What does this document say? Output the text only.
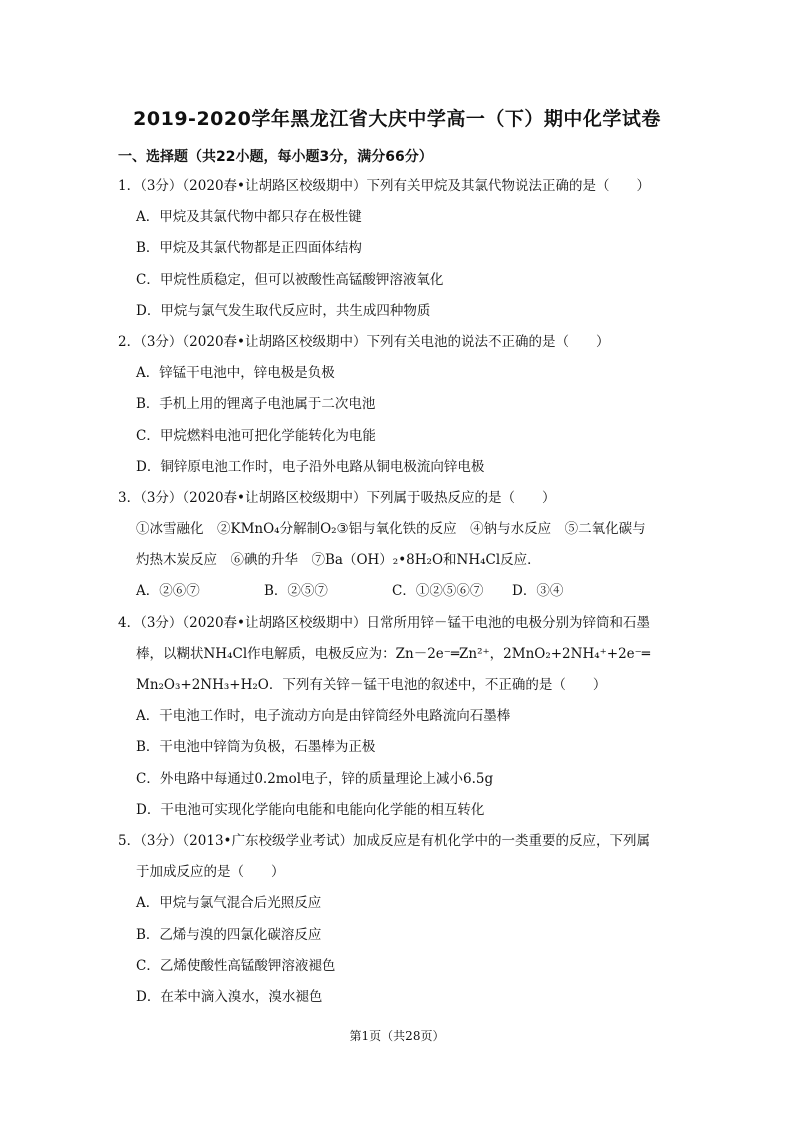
2019-2020学年黑龙江省大庆中学高一（下）期中化学试卷
一、选择题（共22小题，每小题3分，满分66分）
1．（3分）（2020春•让胡路区校级期中）下列有关甲烷及其氯代物说法正确的是（　　）
A．甲烷及其氯代物中都只存在极性键
B．甲烷及其氯代物都是正四面体结构
C．甲烷性质稳定，但可以被酸性高锰酸钾溶液氧化
D．甲烷与氯气发生取代反应时，共生成四种物质
2．（3分）（2020春•让胡路区校级期中）下列有关电池的说法不正确的是（　　）
A．锌锰干电池中，锌电极是负极
B．手机上用的锂离子电池属于二次电池
C．甲烷燃料电池可把化学能转化为电能
D．铜锌原电池工作时，电子沿外电路从铜电极流向锌电极
3．（3分）（2020春•让胡路区校级期中）下列属于吸热反应的是（　　）
①冰雪融化　②KMnO₄分解制O₂③铝与氧化铁的反应　④钠与水反应　⑤二氧化碳与
灼热木炭反应　⑥碘的升华　⑦Ba（OH）₂•8H₂O和NH₄Cl反应．
A．②⑥⑦	B．②⑤⑦	C．①②⑤⑥⑦	D．③④
4．（3分）（2020春•让胡路区校级期中）日常所用锌－锰干电池的电极分别为锌筒和石墨
棒，以糊状NH₄Cl作电解质，电极反应为：Zn－2e⁻═Zn²⁺，2MnO₂+2NH₄⁺+2e⁻═
Mn₂O₃+2NH₃+H₂O．下列有关锌－锰干电池的叙述中，不正确的是（　　）
A．干电池工作时，电子流动方向是由锌筒经外电路流向石墨棒
B．干电池中锌筒为负极，石墨棒为正极
C．外电路中每通过0.2mol电子，锌的质量理论上减小6.5g
D．干电池可实现化学能向电能和电能向化学能的相互转化
5．（3分）（2013•广东校级学业考试）加成反应是有机化学中的一类重要的反应，下列属
于加成反应的是（　　）
A．甲烷与氯气混合后光照反应
B．乙烯与溴的四氯化碳溶反应
C．乙烯使酸性高锰酸钾溶液褪色
D．在苯中滴入溴水，溴水褪色
第1页（共28页）
